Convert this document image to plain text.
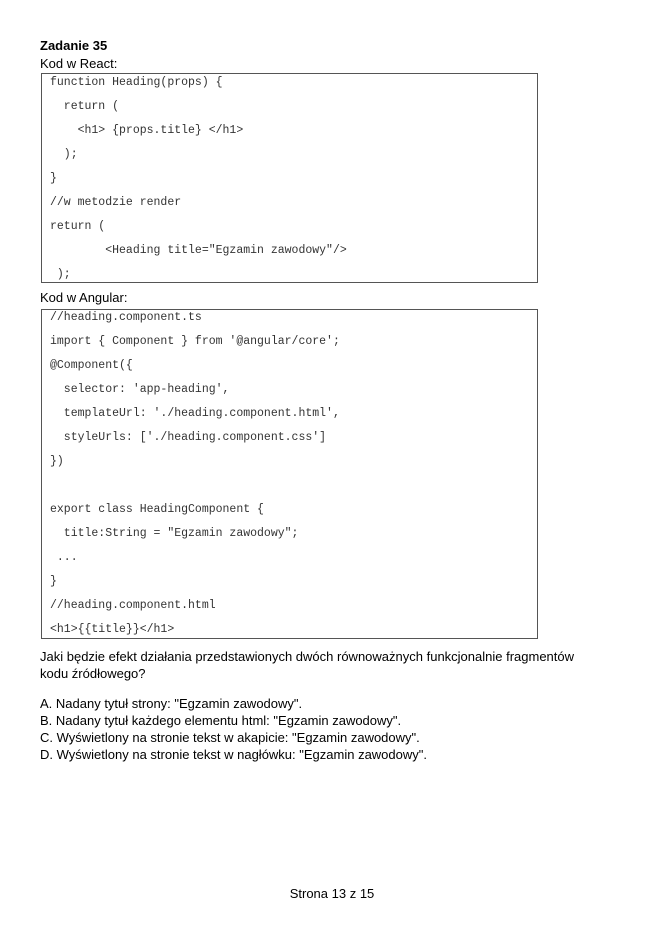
Zadanie 35
Kod w React:
function Heading(props) {
return (
<h1> {props.title} </h1>
);
}
//w metodzie render
return (
<Heading title="Egzamin zawodowy"/>
);
Kod w Angular:
//heading.component.ts
import { Component } from '@angular/core';
@Component({
selector: 'app-heading',
templateUrl: './heading.component.html',
styleUrls: ['./heading.component.css']
})
export class HeadingComponent {
title:String = "Egzamin zawodowy";
...
}
//heading.component.html
<h1>{{title}}</h1>
Jaki będzie efekt działania przedstawionych dwóch równoważnych funkcjonalnie fragmentów kodu źródłowego?
A. Nadany tytuł strony: "Egzamin zawodowy".
B. Nadany tytuł każdego elementu html: "Egzamin zawodowy".
C. Wyświetlony na stronie tekst w akapicie: "Egzamin zawodowy".
D. Wyświetlony na stronie tekst w nagłówku: "Egzamin zawodowy".
Strona 13 z 15
